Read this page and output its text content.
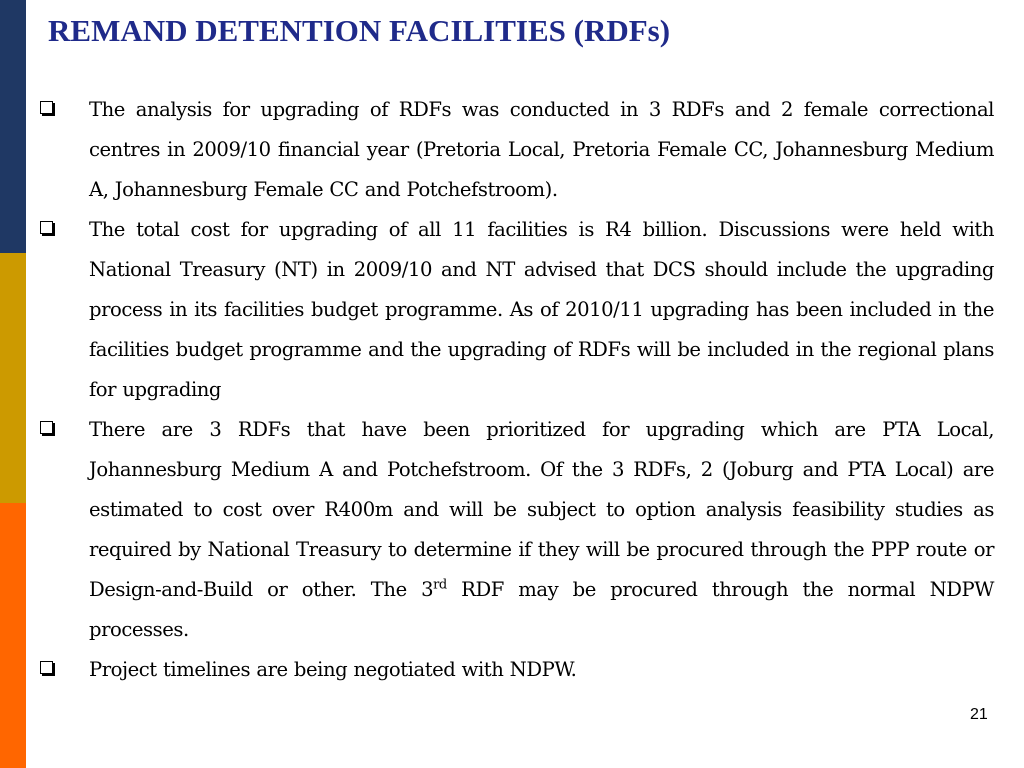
REMAND DETENTION FACILITIES (RDFs)
The analysis for upgrading of RDFs was conducted in 3 RDFs and 2 female correctional centres in 2009/10 financial year (Pretoria Local, Pretoria Female CC, Johannesburg Medium A, Johannesburg Female CC and Potchefstroom).
The total cost for upgrading of all 11 facilities is R4 billion. Discussions were held with National Treasury (NT) in 2009/10 and NT advised that DCS should include the upgrading process in its facilities budget programme. As of 2010/11 upgrading has been included in the facilities budget programme and the upgrading of RDFs will be included in the regional plans for upgrading
There are 3 RDFs that have been prioritized for upgrading which are PTA Local, Johannesburg Medium A and Potchefstroom. Of the 3 RDFs, 2 (Joburg and PTA Local) are estimated to cost over R400m and will be subject to option analysis feasibility studies as required by National Treasury to determine if they will be procured through the PPP route or Design-and-Build or other. The 3rd RDF may be procured through the normal NDPW processes.
Project timelines are being negotiated with NDPW.
21
